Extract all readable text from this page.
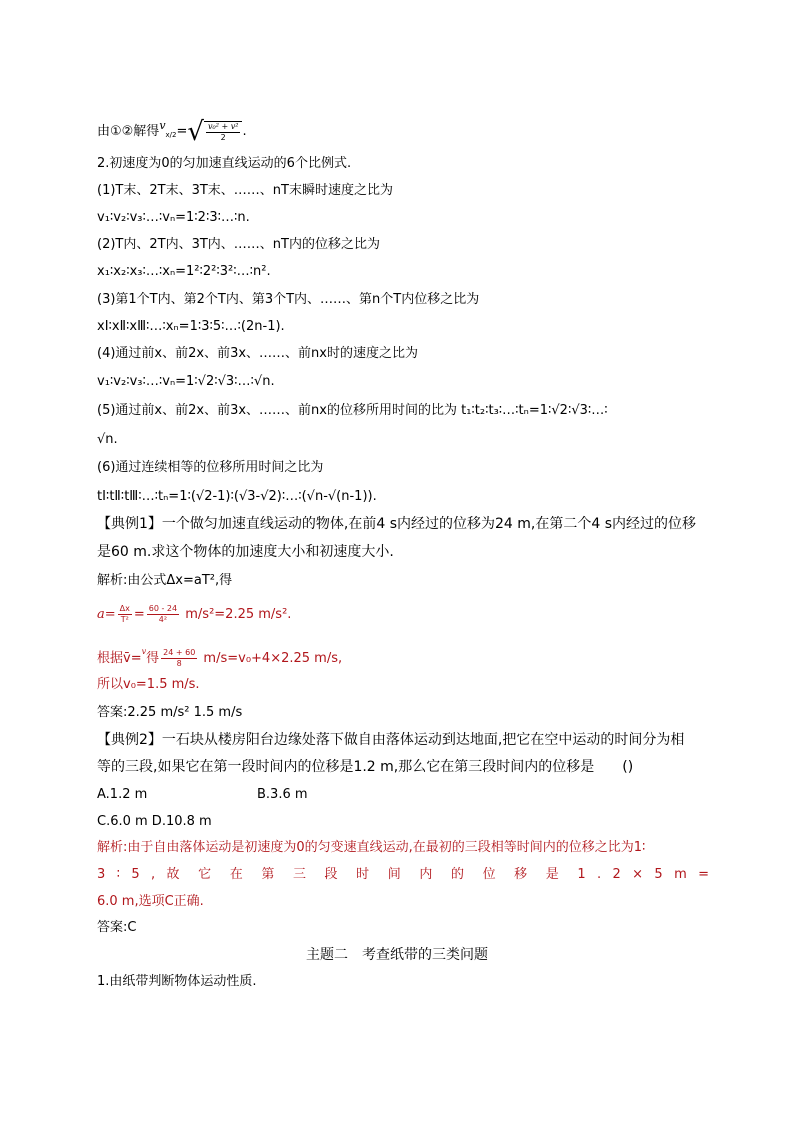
由①②解得$^vx/2=√ \frac{\text{v₀² + v²}}{2}$ .
2.初速度为0的匀加速直线运动的6个比例式.
(1)T末、2T末、3T末、……、nT末瞬时速度之比为
v₁∶v₂∶v₃∶…∶vₙ=1∶2∶3∶…∶n.
(2)T内、2T内、3T内、……、nT内的位移之比为
x₁∶x₂∶x₃∶…∶xₙ=1²∶2²∶3²∶…∶n².
(3)第1个T内、第2个T内、第3个T内、……、第n个T内位移之比为
xⅠ∶xⅡ∶xⅢ∶…∶xₙ=1∶3∶5∶…∶(2n-1).
(4)通过前x、前2x、前3x、……、前nx时的速度之比为
v₁∶v₂∶v₃∶…∶vₙ=1∶√2∶√3∶…∶√n.
(5)通过前x、前2x、前3x、……、前nx的位移所用时间的比为 t₁∶t₂∶t₃∶…∶tₙ=1∶√2∶√3∶…∶
√n.
(6)通过连续相等的位移所用时间之比为
tⅠ∶tⅡ∶tⅢ∶…∶tₙ=1∶(√2-1)∶(√3-√2)∶…∶(√n-√(n-1)).
【典例1】一个做匀加速直线运动的物体,在前4 s内经过的位移为24 m,在第二个4 s内经过的位移
是60 m.求这个物体的加速度大小和初速度大小.
解析:由公式Δx=aT²,得
$a= \frac{\Delta x}{\text{T²}} = \frac{60 - 24}{\text{4²}} m/s^2=2.25$ m/s².
根据v̄=$^v$得 $\frac{24 + 60}{8} m/s=v_0+4\times 2.25$ m/s,
所以v₀=1.5 m/s.
答案:2.25 m/s² 1.5 m/s
【典例2】一石块从楼房阳台边缘处落下做自由落体运动到达地面,把它在空中运动的时间分为相
等的三段,如果它在第一段时间内的位移是1.2 m,那么它在第三段时间内的位移是　　()
A.1.2 m	B.3.6 m
C.6.0 m D.10.8 m
解析:由于自由落体运动是初速度为0的匀变速直线运动,在最初的三段相等时间内的位移之比为1∶
3 ∶ 5 , 故 它 在 第 三 段 时 间 内 的 位 移 是 1 . 2 × 5 m =
6.0 m,选项C正确.
答案:C
主题二　考查纸带的三类问题
1.由纸带判断物体运动性质.
